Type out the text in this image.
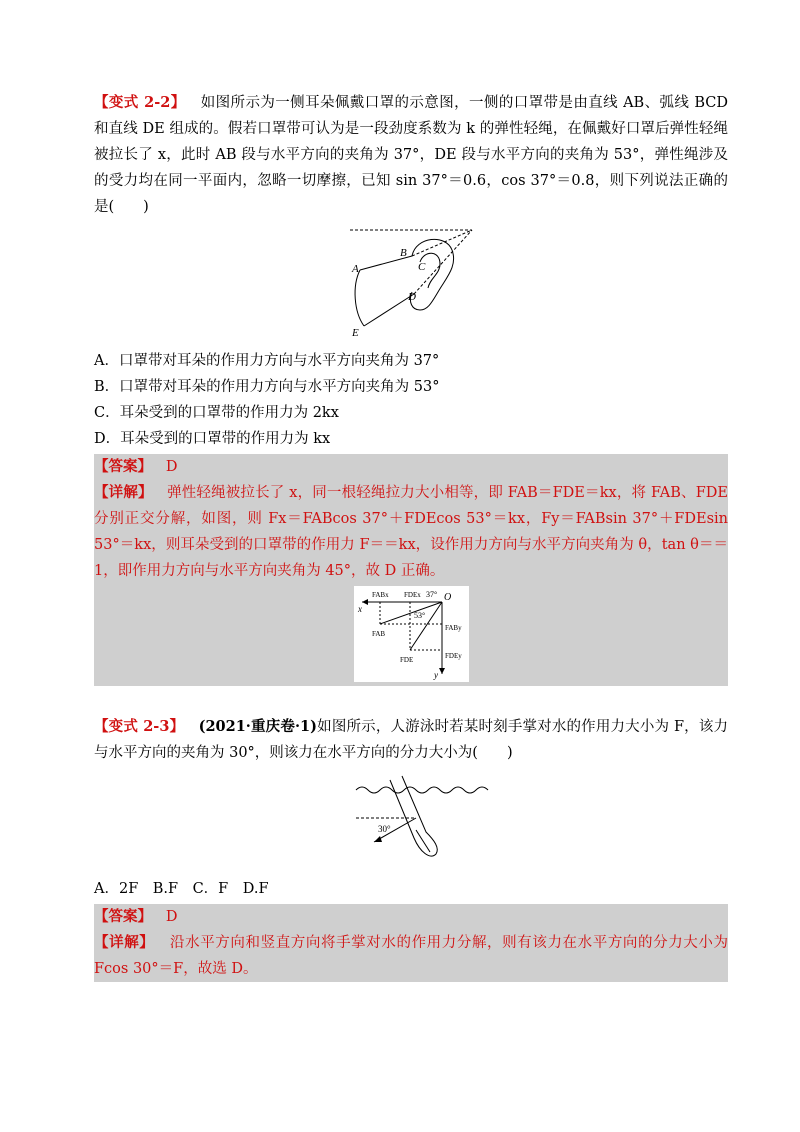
【变式 2-2】 如图所示为一侧耳朵佩戴口罩的示意图，一侧的口罩带是由直线 AB、弧线 BCD 和直线 DE 组成的。假若口罩带可认为是一段劲度系数为 k 的弹性轻绳，在佩戴好口罩后弹性轻绳被拉长了 x，此时 AB 段与水平方向的夹角为 37°，DE 段与水平方向的夹角为 53°，弹性绳涉及的受力均在同一平面内，忽略一切摩擦，已知 sin 37°＝0.6，cos 37°＝0.8，则下列说法正确的是(　　)

A
B
C
D
E

A．口罩带对耳朵的作用力方向与水平方向夹角为 37°

B．口罩带对耳朵的作用力方向与水平方向夹角为 53°

C．耳朵受到的口罩带的作用力为 2kx

D．耳朵受到的口罩带的作用力为 kx

【答案】 D

【详解】 弹性轻绳被拉长了 x，同一根轻绳拉力大小相等，即 FAB＝FDE＝kx，将 FAB、FDE 分别正交分解，如图，则 Fx＝FABcos 37°＋FDEcos 53°＝kx，Fy＝FABsin 37°＋FDEsin 53°＝kx，则耳朵受到的口罩带的作用力 F＝＝kx，设作用力方向与水平方向夹角为 θ，tan θ＝＝1，即作用力方向与水平方向夹角为 45°，故 D 正确。

FABx FDEx 37° O
53°
x
FAB
FABy
FDE	FDEy
y

【变式 2-3】 (2021·重庆卷·1)如图所示，人游泳时若某时刻手掌对水的作用力大小为 F，该力与水平方向的夹角为 30°，则该力在水平方向的分力大小为(　　)

30°

A．2F　B.F　C．F　D.F

【答案】 D

【详解】 沿水平方向和竖直方向将手掌对水的作用力分解，则有该力在水平方向的分力大小为 Fcos 30°＝F，故选 D。
